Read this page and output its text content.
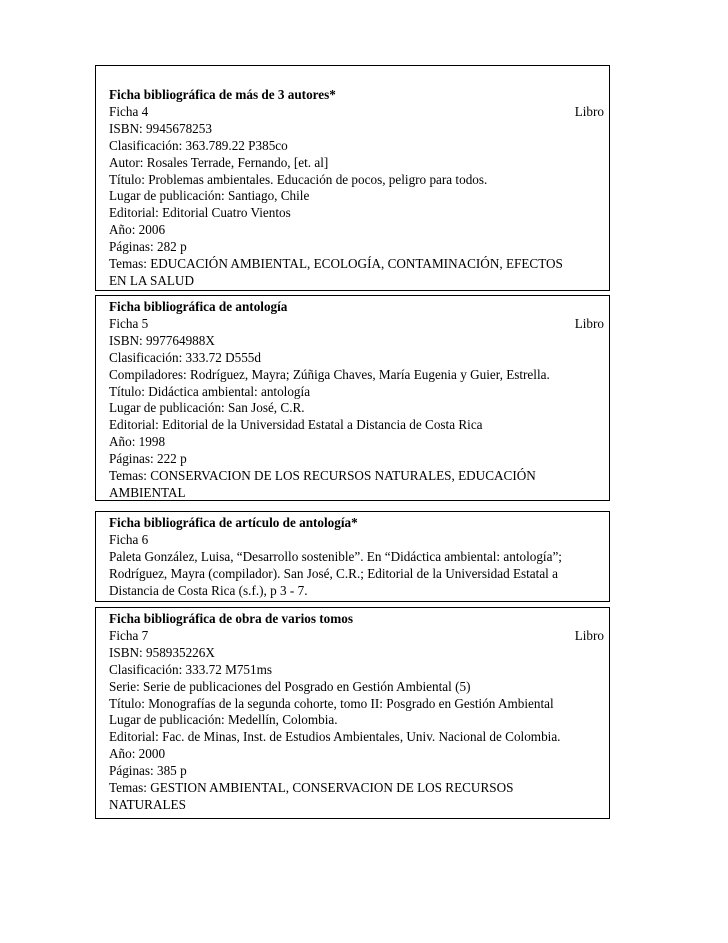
Ficha bibliográfica de más de 3 autores*
Ficha 4	Libro
ISBN: 9945678253
Clasificación: 363.789.22 P385co
Autor: Rosales Terrade, Fernando, [et. al]
Título: Problemas ambientales. Educación de pocos, peligro para todos.
Lugar de publicación: Santiago, Chile
Editorial: Editorial Cuatro Vientos
Año: 2006
Páginas: 282 p
Temas: EDUCACIÓN AMBIENTAL, ECOLOGÍA, CONTAMINACIÓN, EFECTOS
EN LA SALUD
Ficha bibliográfica de antología
Ficha 5	Libro
ISBN: 997764988X
Clasificación: 333.72 D555d
Compiladores: Rodríguez, Mayra; Zúñiga Chaves, María Eugenia y Guier, Estrella.
Título: Didáctica ambiental: antología
Lugar de publicación: San José, C.R.
Editorial: Editorial de la Universidad Estatal a Distancia de Costa Rica
Año: 1998
Páginas: 222 p
Temas: CONSERVACION DE LOS RECURSOS NATURALES, EDUCACIÓN
AMBIENTAL
Ficha bibliográfica de artículo de antología*
Ficha 6
Paleta González, Luisa, “Desarrollo sostenible”. En “Didáctica ambiental: antología”;
Rodríguez, Mayra (compilador). San José, C.R.; Editorial de la Universidad Estatal a
Distancia de Costa Rica (s.f.), p 3 - 7.
Ficha bibliográfica de obra de varios tomos
Ficha 7	Libro
ISBN: 958935226X
Clasificación: 333.72 M751ms
Serie: Serie de publicaciones del Posgrado en Gestión Ambiental (5)
Título: Monografías de la segunda cohorte, tomo II: Posgrado en Gestión Ambiental
Lugar de publicación: Medellín, Colombia.
Editorial: Fac. de Minas, Inst. de Estudios Ambientales, Univ. Nacional de Colombia.
Año: 2000
Páginas: 385 p
Temas: GESTION AMBIENTAL, CONSERVACION DE LOS RECURSOS
NATURALES
